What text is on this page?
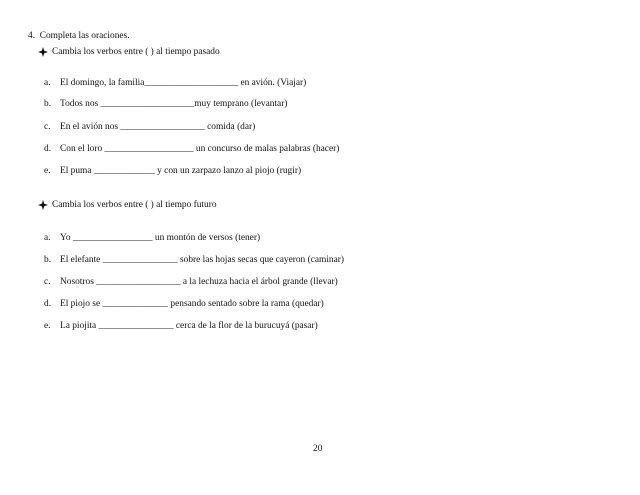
4.  Completa las oraciones.
Cambia los verbos entre ( ) al tiempo pasado
a. El domingo, la familia____________________ en avión. (Viajar)
b. Todos nos ____________________muy temprano (levantar)
c. En el avión nos __________________ comida (dar)
d. Con el loro ___________________ un concurso de malas palabras (hacer)
e. El puma _____________ y con un zarpazo lanzo al piojo (rugir)
Cambia los verbos entre ( ) al tiempo futuro
a. Yo _________________ un montón de versos (tener)
b. El elefante ________________ sobre las hojas secas que cayeron (caminar)
c. Nosotros __________________ a la lechuza hacia el árbol grande (llevar)
d. El piojo se ______________ pensando sentado sobre la rama (quedar)
e. La piojita ________________ cerca de la flor de la burucuyá (pasar)
20
